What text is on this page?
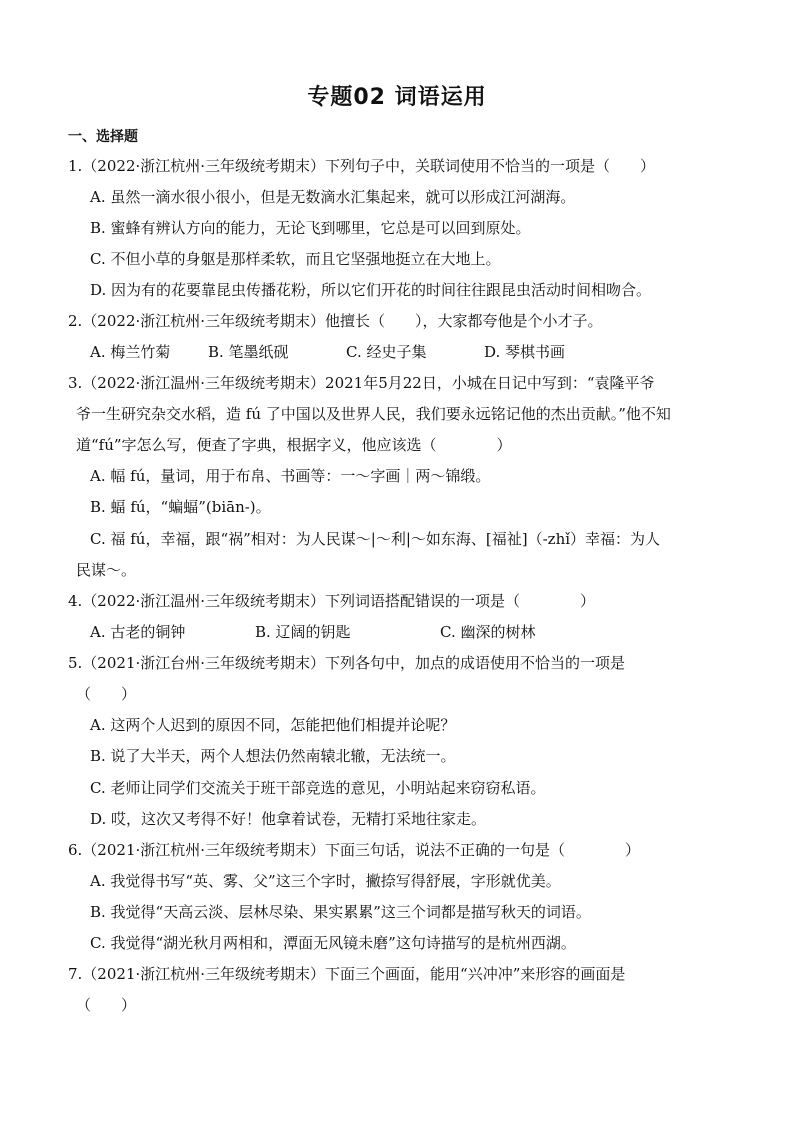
专题02 词语运用
一、选择题
1.（2022·浙江杭州·三年级统考期末）下列句子中，关联词使用不恰当的一项是（　　）
A. 虽然一滴水很小很小，但是无数滴水汇集起来，就可以形成江河湖海。
B. 蜜蜂有辨认方向的能力，无论飞到哪里，它总是可以回到原处。
C. 不但小草的身躯是那样柔软，而且它坚强地挺立在大地上。
D. 因为有的花要靠昆虫传播花粉，所以它们开花的时间往往跟昆虫活动时间相吻合。
2.（2022·浙江杭州·三年级统考期末）他擅长（　　），大家都夸他是个小才子。
A. 梅兰竹菊	B. 笔墨纸砚	C. 经史子集	D. 琴棋书画
3.（2022·浙江温州·三年级统考期末）2021年5月22日，小城在日记中写到：“袁隆平爷
爷一生研究杂交水稻，造 fú 了中国以及世界人民，我们要永远铭记他的杰出贡献。”他不知
道“fú”字怎么写，便查了字典，根据字义，他应该选（　　　　）
A. 幅 fú，量词，用于布帛、书画等：一～字画｜两～锦缎。
B. 蝠 fú，“蝙蝠”(biān-)。
C. 福 fú，幸福，跟“祸”相对：为人民谋～|～利|～如东海、[福祉]（-zhǐ）幸福：为人
民谋～。
4.（2022·浙江温州·三年级统考期末）下列词语搭配错误的一项是（　　　　）
A. 古老的铜钟	B. 辽阔的钥匙	C. 幽深的树林
5.（2021·浙江台州·三年级统考期末）下列各句中，加点的成语使用不恰当的一项是
（　　）
A. 这两个人迟到的原因不同，怎能把他们相提并论呢？
B. 说了大半天，两个人想法仍然南辕北辙，无法统一。
C. 老师让同学们交流关于班干部竞选的意见，小明站起来窃窃私语。
D. 哎，这次又考得不好！他拿着试卷，无精打采地往家走。
6.（2021·浙江杭州·三年级统考期末）下面三句话，说法不正确的一句是（　　　　）
A. 我觉得书写“英、雾、父”这三个字时，撇捺写得舒展，字形就优美。
B. 我觉得“天高云淡、层林尽染、果实累累”这三个词都是描写秋天的词语。
C. 我觉得“湖光秋月两相和，潭面无风镜未磨”这句诗描写的是杭州西湖。
7.（2021·浙江杭州·三年级统考期末）下面三个画面，能用“兴冲冲”来形容的画面是
（　　）
